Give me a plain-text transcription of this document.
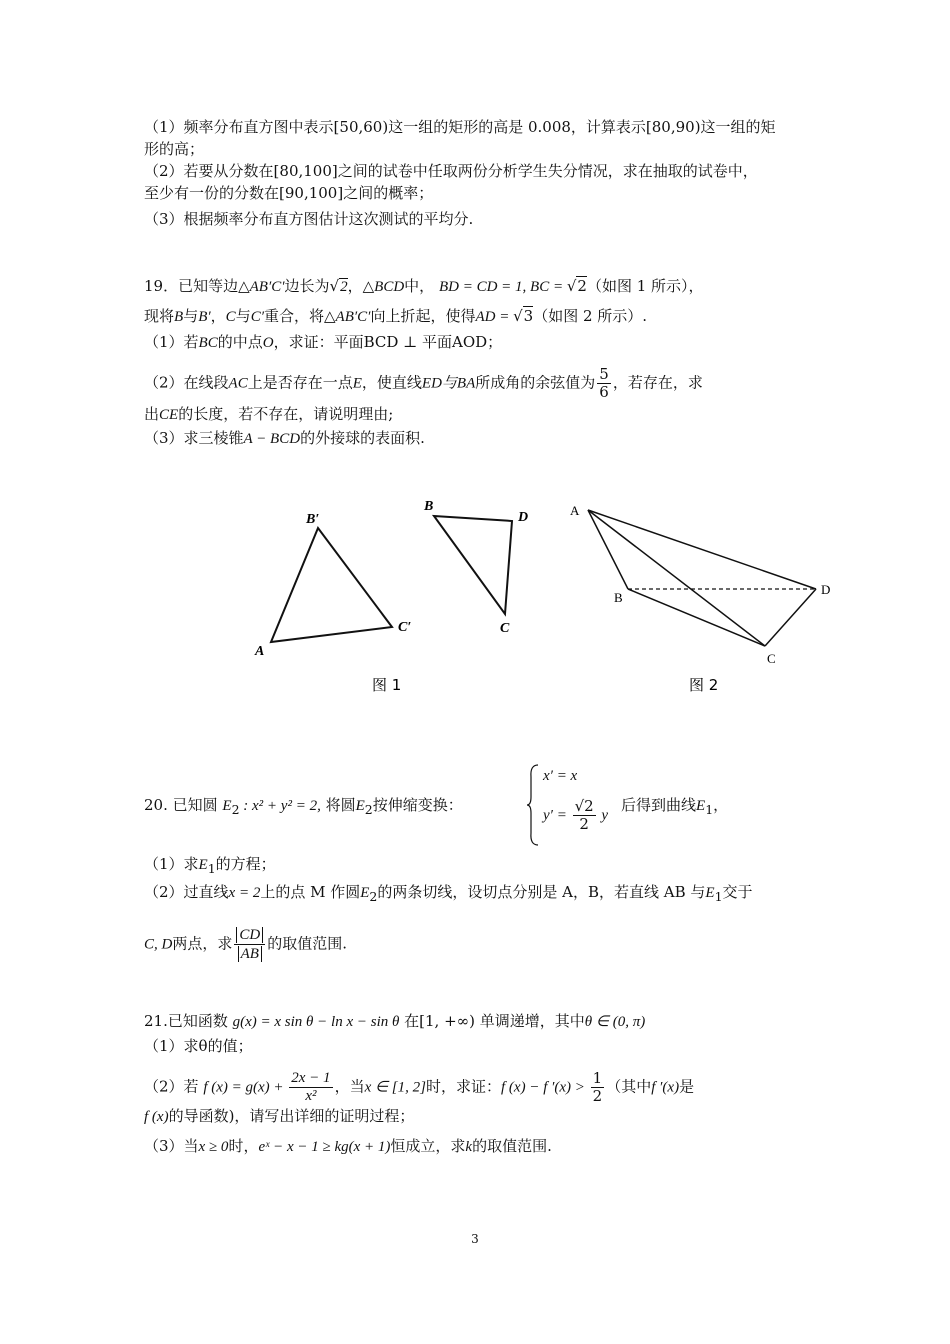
（1）频率分布直方图中表示[50,60)这一组的矩形的高是 0.008，计算表示[80,90)这一组的矩
形的高；
（2）若要从分数在[80,100]之间的试卷中任取两份分析学生失分情况，求在抽取的试卷中，
至少有一份的分数在[90,100]之间的概率；
（3）根据频率分布直方图估计这次测试的平均分.
19．已知等边△AB′C′边长为√2，△BCD中， BD = CD = 1, BC = √2（如图 1 所示），
现将B与B′，C与C′重合，将△AB′C′向上折起，使得AD = √3（如图 2 所示）.
（1）若BC的中点O，求证：平面BCD ⊥ 平面AOD；
（2）在线段AC上是否存在一点E，使直线ED与BA所成角的余弦值为 $\frac{5}{6}$ ，若存在，求
出CE的长度，若不存在，请说明理由;
（3）求三棱锥A − BCD的外接球的表面积.
B′
A
C′
B
D
C
图 1
A
B
C
D
图 2
20. 已知圆 $E_2$ : x² + y² = 2, 将圆$E_2$按伸缩变换：
x′ = x
$y' = \frac{√2}{2}$ y
后得到曲线$E_1$，
（1）求$E_1$的方程；
（2）过直线x = 2上的点 M 作圆$E_2$的两条切线，设切点分别是 A，B，若直线 AB 与$E_1$交于
C, D两点，求 $\frac{CD}{AB}$ 的取值范围.
21.已知函数 g(x) = x sin θ − ln x − sin θ 在[1, +∞) 单调递增，其中θ ∈ (0, π)
（1）求θ的值；
（2）若 f $(x) = g(x) + \frac{2x - 1}{\text{x²}}$ ，当x ∈ [1, 2]时，求证：f (x) − f $'(x) > \frac{1}{2}$ （其中f ′(x)是
f (x)的导函数)，请写出详细的证明过程；
（3）当x ≥ 0时，eˣ − x − 1 ≥ kg(x + 1)恒成立，求k的取值范围.
3
